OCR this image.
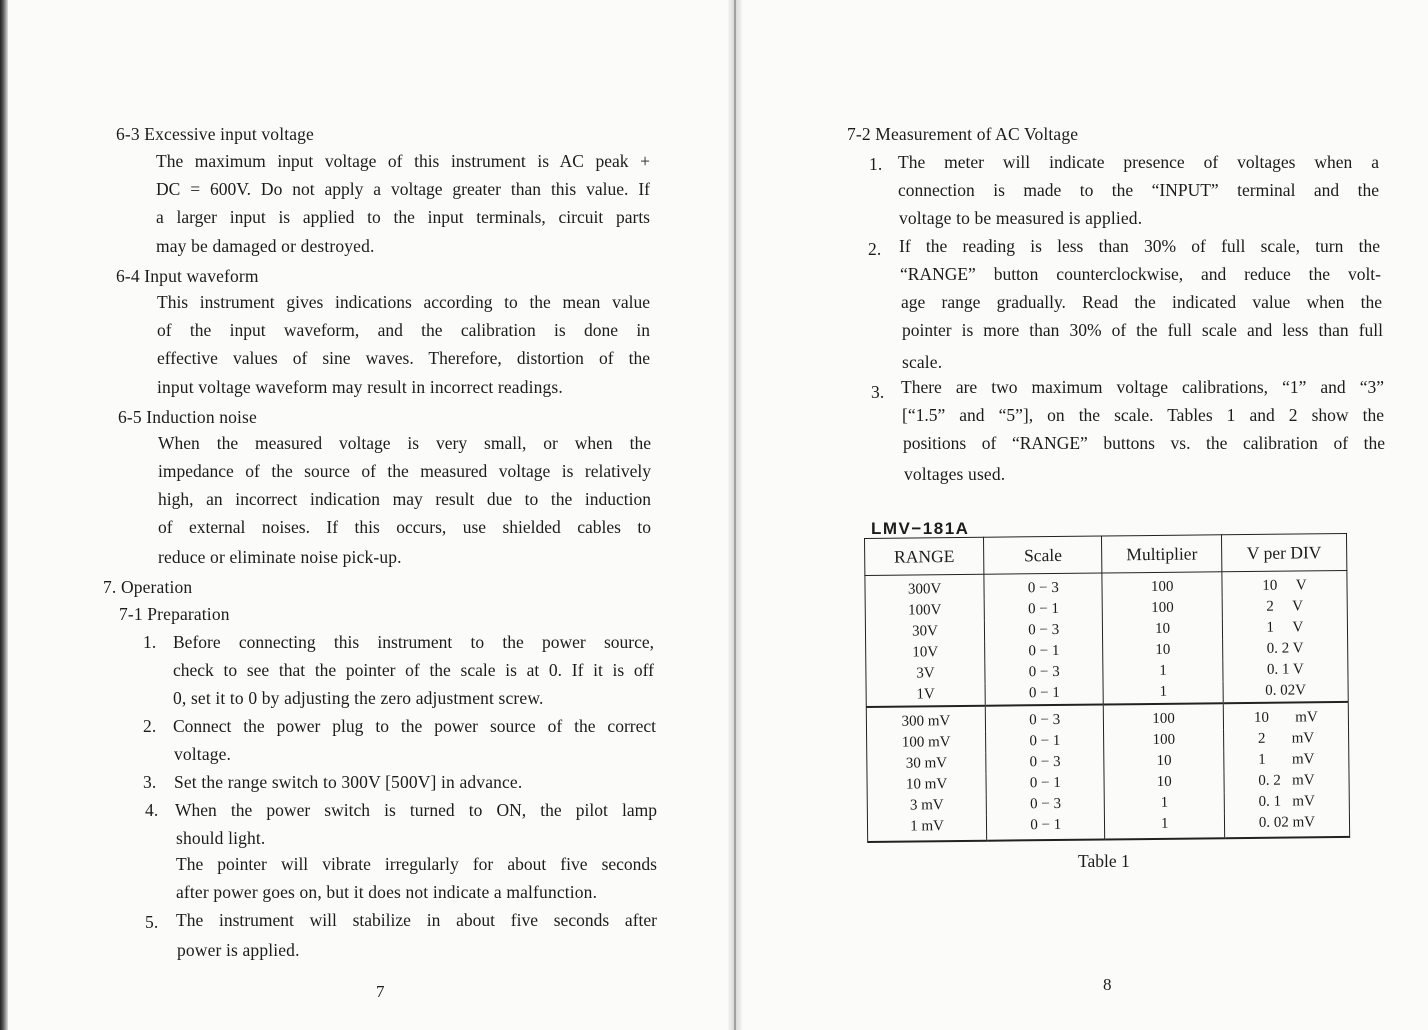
6-3 Excessive input voltage
The maximum input voltage of this instrument is AC peak +
DC = 600V. Do not apply a voltage greater than this value. If
a larger input is applied to the input terminals, circuit parts
may be damaged or destroyed.
6-4 Input waveform
This instrument gives indications according to the mean value
of the input waveform, and the calibration is done in
effective values of sine waves. Therefore, distortion of the
input voltage waveform may result in incorrect readings.
6-5 Induction noise
When the measured voltage is very small, or when the
impedance of the source of the measured voltage is relatively
high, an incorrect indication may result due to the induction
of external noises. If this occurs, use shielded cables to
reduce or eliminate noise pick-up.
7. Operation
7-1 Preparation
1. Before connecting this instrument to the power source,
check to see that the pointer of the scale is at 0. If it is off
0, set it to 0 by adjusting the zero adjustment screw.
2. Connect the power plug to the power source of the correct
voltage.
3. Set the range switch to 300V [500V] in advance.
4. When the power switch is turned to ON, the pilot lamp
should light.
The pointer will vibrate irregularly for about five seconds
after power goes on, but it does not indicate a malfunction.
5. The instrument will stabilize in about five seconds after
power is applied.
7
7-2 Measurement of AC Voltage
1. The meter will indicate presence of voltages when a
connection is made to the “INPUT” terminal and the
voltage to be measured is applied.
2. If the reading is less than 30% of full scale, turn the
“RANGE” button counterclockwise, and reduce the volt-
age range gradually. Read the indicated value when the
pointer is more than 30% of the full scale and less than full
scale.
3. There are two maximum voltage calibrations, “1” and “3”
[“1.5” and “5”], on the scale. Tables 1 and 2 show the
positions of “RANGE” buttons vs. the calibration of the
voltages used.
LMV−181A
RANGE	Scale	Multiplier	V per DIV
300V	0 − 3	100	10  V
100V	0 − 1	100	2  V
30V	0 − 3	10	1  V
10V	0 − 1	10	0. 2 V
3V	0 − 3	1	0. 1 V
1V	0 − 1	1	0. 02V
300 mV	0 − 3	100	10   mV
100 mV	0 − 1	100	2   mV
30 mV	0 − 3	10	1   mV
10 mV	0 − 1	10	0. 2  mV
3 mV	0 − 3	1	0. 1  mV
1 mV	0 − 1	1	0. 02 mV
Table 1
8
